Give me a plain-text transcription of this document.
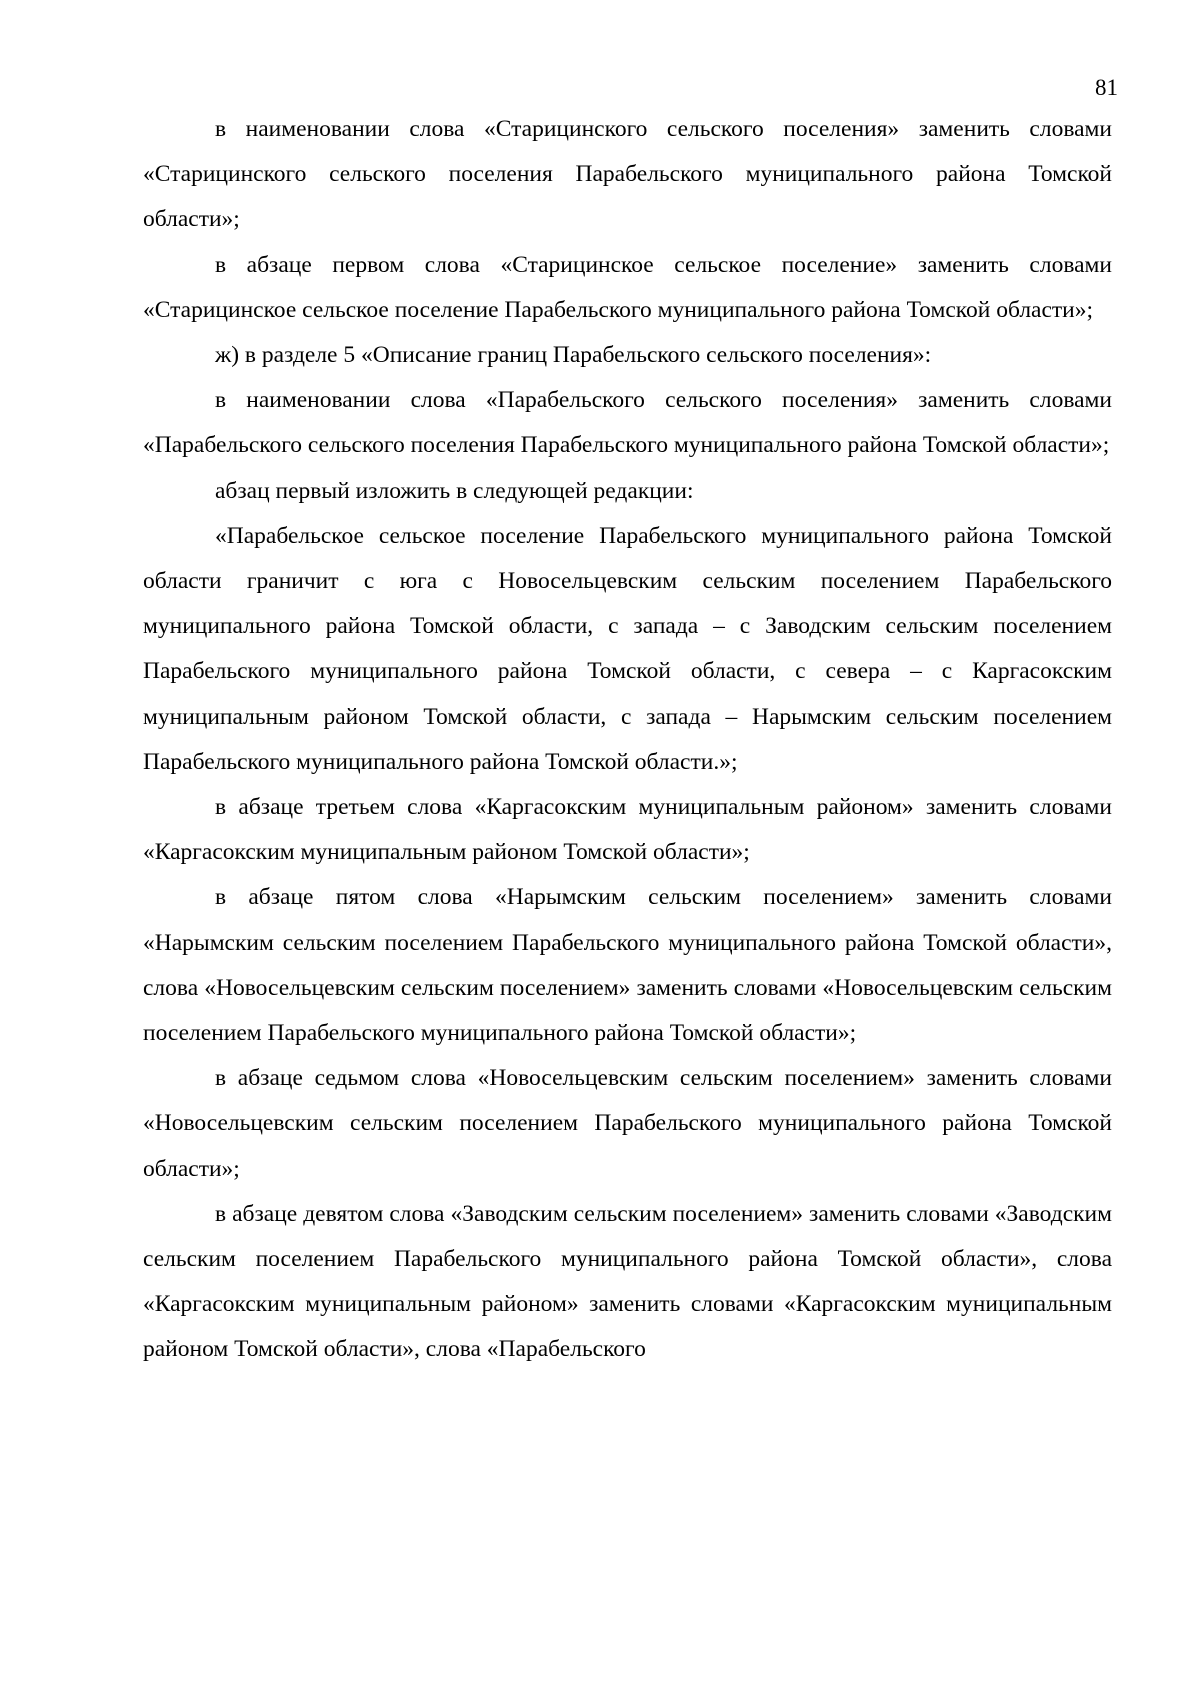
81

в наименовании слова «Старицинского сельского поселения» заменить словами «Старицинского сельского поселения Парабельского муниципального района Томской области»;

в абзаце первом слова «Старицинское сельское поселение» заменить словами «Старицинское сельское поселение Парабельского муниципального района Томской области»;

ж) в разделе 5 «Описание границ Парабельского сельского поселения»:

в наименовании слова «Парабельского сельского поселения» заменить словами «Парабельского сельского поселения Парабельского муниципального района Томской области»;

абзац первый изложить в следующей редакции:

«Парабельское сельское поселение Парабельского муниципального района Томской области граничит с юга с Новосельцевским сельским поселением Парабельского муниципального района Томской области, с запада – с Заводским сельским поселением Парабельского муниципального района Томской области, с севера – с Каргасокским муниципальным районом Томской области, с запада – Нарымским сельским поселением Парабельского муниципального района Томской области.»;

в абзаце третьем слова «Каргасокским муниципальным районом» заменить словами «Каргасокским муниципальным районом Томской области»;

в абзаце пятом слова «Нарымским сельским поселением» заменить словами «Нарымским сельским поселением Парабельского муниципального района Томской области», слова «Новосельцевским сельским поселением» заменить словами «Новосельцевским сельским поселением Парабельского муниципального района Томской области»;

в абзаце седьмом слова «Новосельцевским сельским поселением» заменить словами «Новосельцевским сельским поселением Парабельского муниципального района Томской области»;

в абзаце девятом слова «Заводским сельским поселением» заменить словами «Заводским сельским поселением Парабельского муниципального района Томской области», слова «Каргасокским муниципальным районом» заменить словами «Каргасокским муниципальным районом Томской области», слова «Парабельского
